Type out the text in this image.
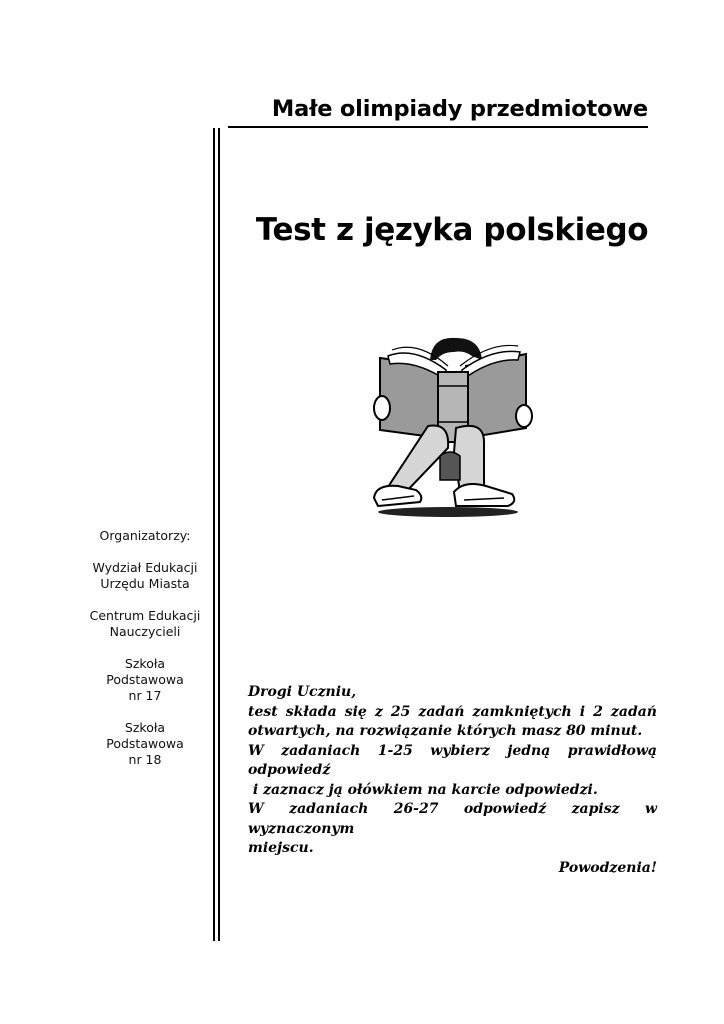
Małe olimpiady przedmiotowe
Test z języka polskiego
Organizatorzy:
Wydział Edukacji
Urzędu Miasta
Centrum Edukacji
Nauczycieli
Szkoła
Podstawowa
nr 17
Szkoła
Podstawowa
nr 18
Drogi Uczniu,
test składa się z 25 zadań zamkniętych i 2 zadań
otwartych, na rozwiązanie których masz 80 minut.
W zadaniach 1-25 wybierz jedną prawidłową odpowiedź
i zaznacz ją ołówkiem na karcie odpowiedzi.
W zadaniach 26-27 odpowiedź zapisz w wyznaczonym
miejscu.
Powodzenia!
